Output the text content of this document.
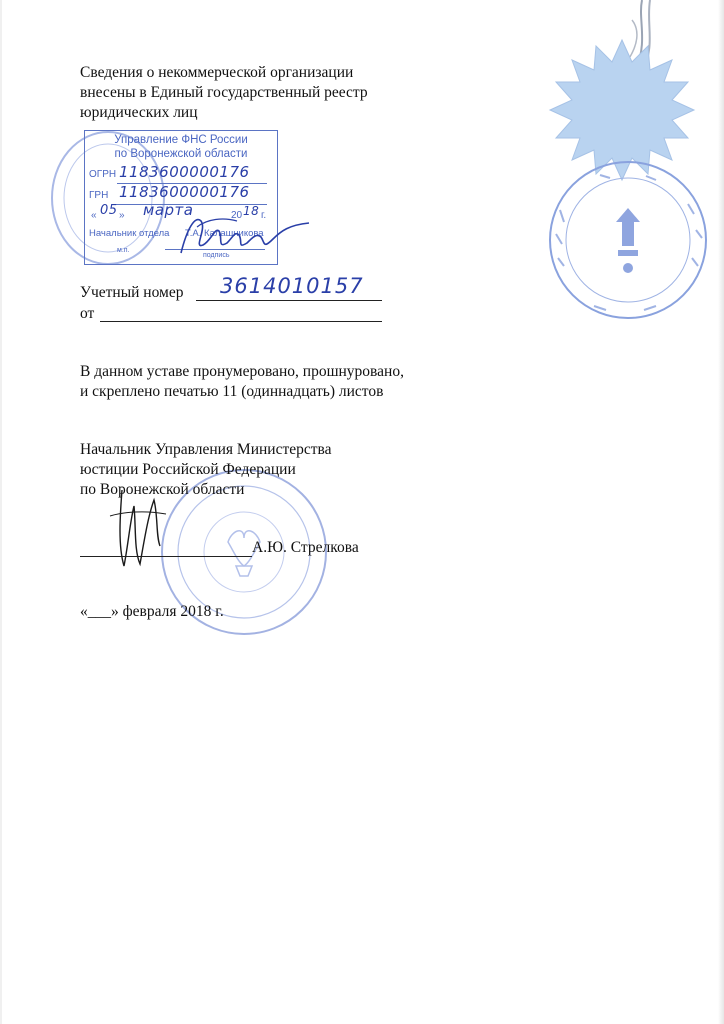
Сведения о некоммерческой организации
внесены в Единый государственный реестр
юридических лиц
Управление ФНС России
по Воронежской области
ОГРН 1183600000176
ГРН 1183600000176
« 05 » марта	20 18 г.
Начальник отдела Т.А. Калашникова
м.п.
подпись
Учетный номер 3614010157
от
В данном уставе пронумеровано, прошнуровано,
и скреплено печатью 11 (одиннадцать) листов
Начальник Управления Министерства
юстиции Российской Федерации
по Воронежской области
А.Ю. Стрелкова
«___» февраля 2018 г.
